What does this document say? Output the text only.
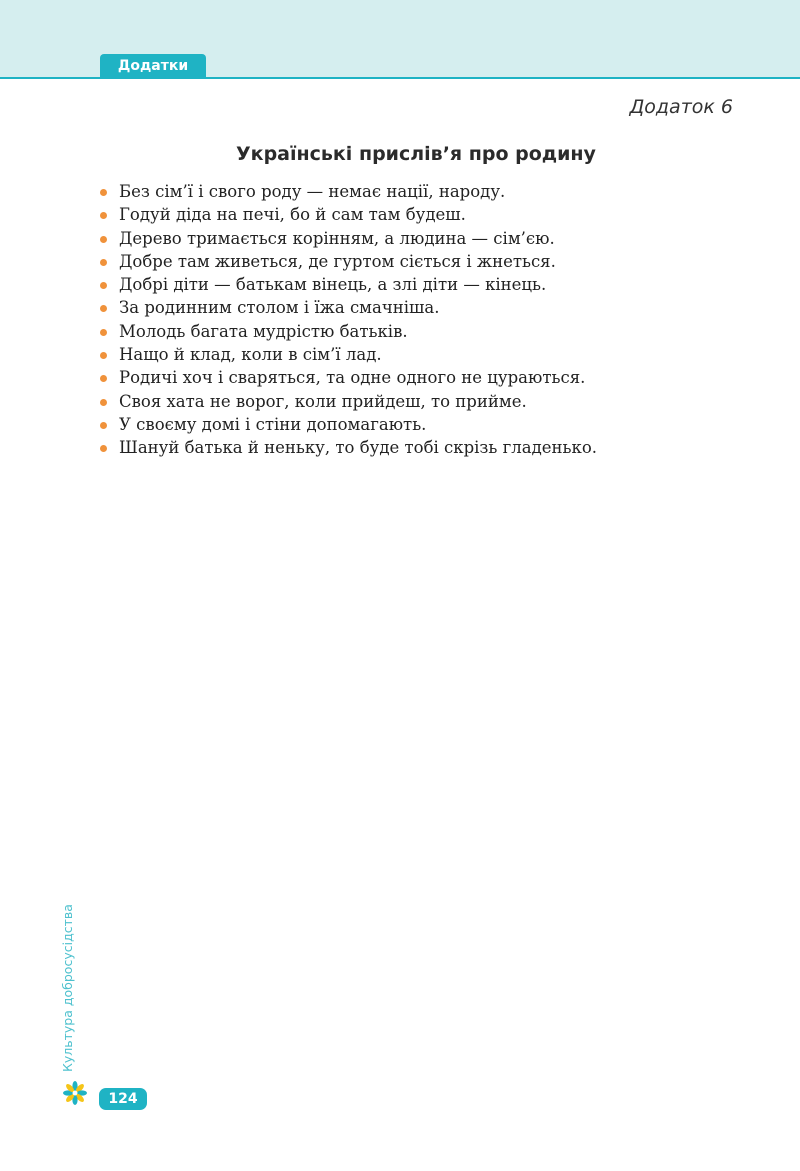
Додатки
Додаток 6
Українські прислів’я про родину
Без сім’ї і свого роду — немає нації, народу.
Годуй діда на печі, бо й сам там будеш.
Дерево тримається корінням, а людина — сім’єю.
Добре там живеться, де гуртом сіється і жнеться.
Добрі діти — батькам вінець, а злі діти — кінець.
За родинним столом і їжа смачніша.
Молодь багата мудрістю батьків.
Нащо й клад, коли в сім’ї лад.
Родичі хоч і сваряться, та одне одного не цураються.
Своя хата не ворог, коли прийдеш, то прийме.
У своєму домі і стіни допомагають.
Шануй батька й неньку, то буде тобі скрізь гладенько.
Культура добросусідства
124
